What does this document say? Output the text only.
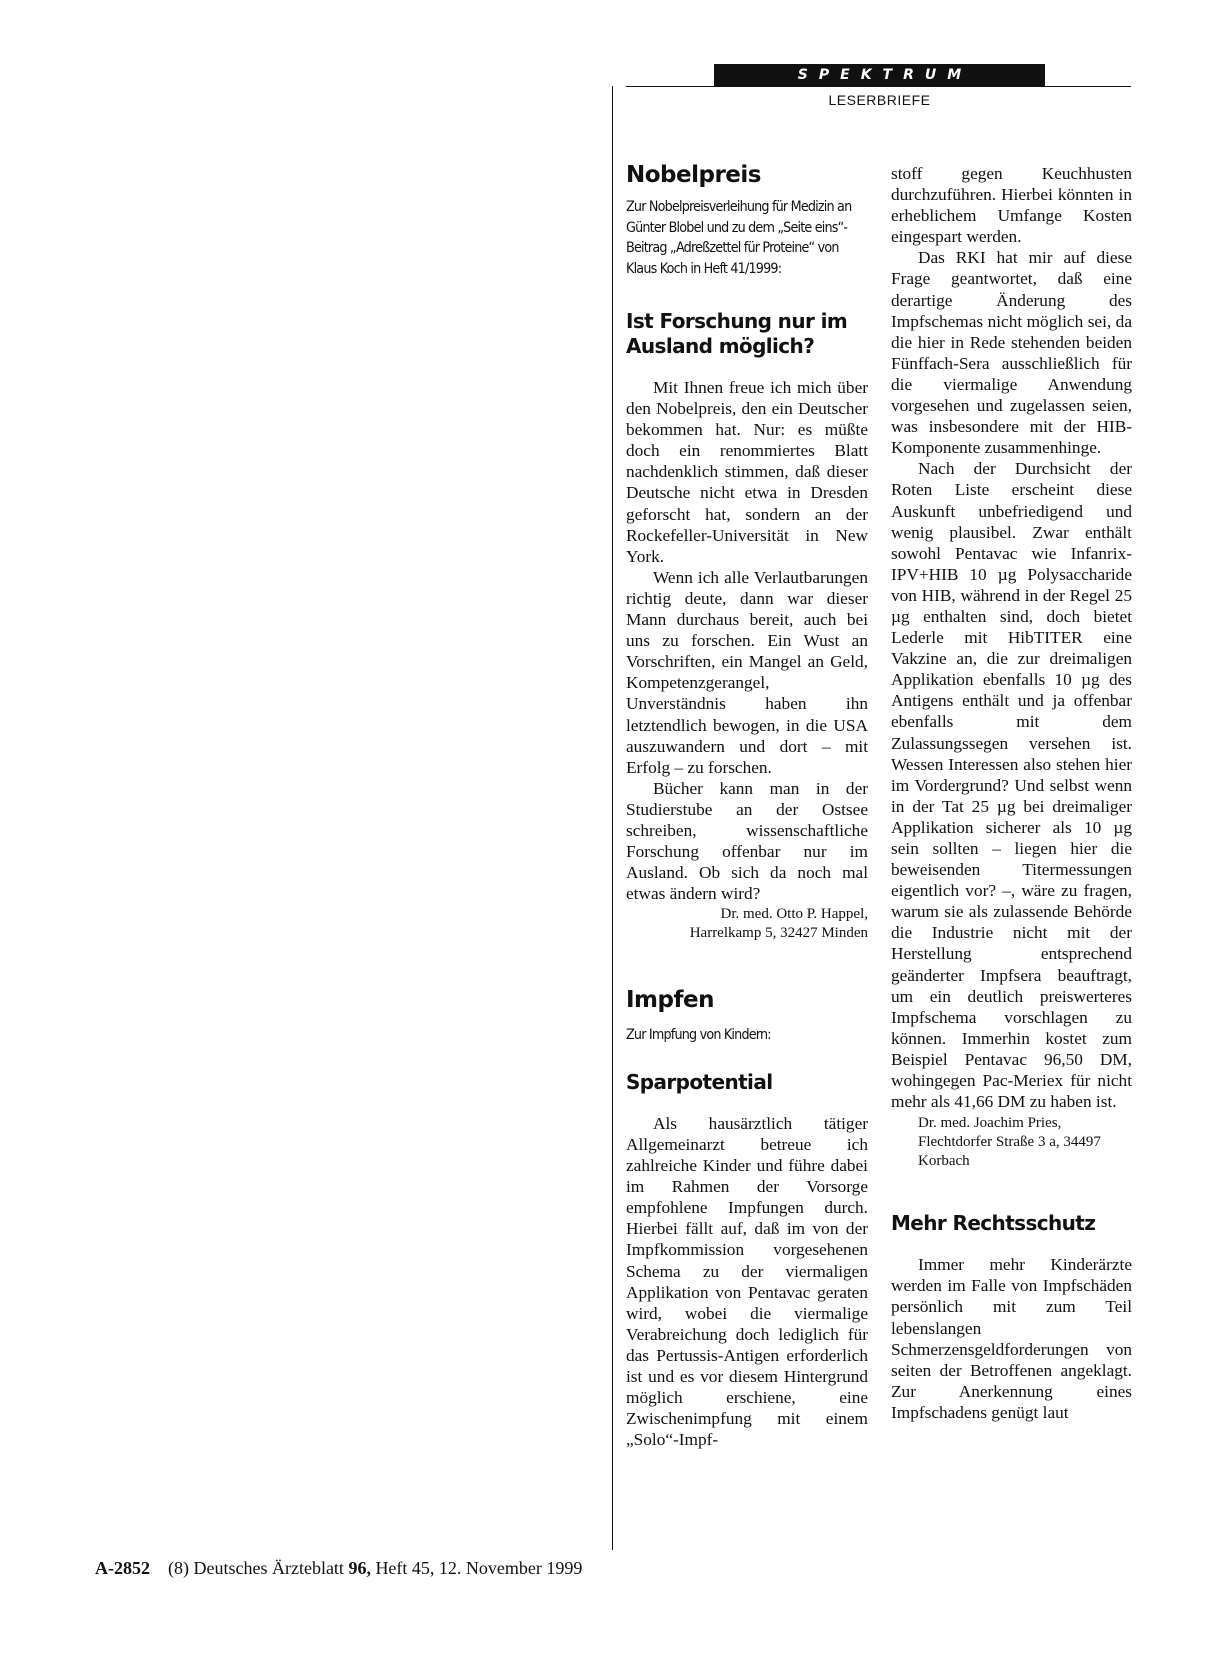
SPEKTRUM
LESERBRIEFE
Nobelpreis

Zur Nobelpreisverleihung für Medizin an Günter Blobel und zu dem „Seite eins“-Beitrag „Adreßzettel für Proteine“ von Klaus Koch in Heft 41/1999:

Ist Forschung nur im Ausland möglich?

Mit Ihnen freue ich mich über den Nobelpreis, den ein Deutscher bekommen hat. Nur: es müßte doch ein renommiertes Blatt nachdenklich stimmen, daß dieser Deutsche nicht etwa in Dresden geforscht hat, sondern an der Rockefeller-Universität in New York.

Wenn ich alle Verlautbarungen richtig deute, dann war dieser Mann durchaus bereit, auch bei uns zu forschen. Ein Wust an Vorschriften, ein Mangel an Geld, Kompetenzgerangel, Unverständnis haben ihn letztendlich bewogen, in die USA auszuwandern und dort – mit Erfolg – zu forschen.

Bücher kann man in der Studierstube an der Ostsee schreiben, wissenschaftliche Forschung offenbar nur im Ausland. Ob sich da noch mal etwas ändern wird?

Dr. med. Otto P. Happel,

Harrelkamp 5, 32427 Minden

Impfen

Zur Impfung von Kindern:

Sparpotential

Als hausärztlich tätiger Allgemeinarzt betreue ich zahlreiche Kinder und führe dabei im Rahmen der Vorsorge empfohlene Impfungen durch. Hierbei fällt auf, daß im von der Impfkommission vorgesehenen Schema zu der viermaligen Applikation von Pentavac geraten wird, wobei die viermalige Verabreichung doch lediglich für das Pertussis-Antigen erforderlich ist und es vor diesem Hintergrund möglich erschiene, eine Zwischenimpfung mit einem „Solo“-Impf-

stoff gegen Keuchhusten durchzuführen. Hierbei könnten in erheblichem Umfange Kosten eingespart werden.

Das RKI hat mir auf diese Frage geantwortet, daß eine derartige Änderung des Impfschemas nicht möglich sei, da die hier in Rede stehenden beiden Fünffach-Sera ausschließlich für die viermalige Anwendung vorgesehen und zugelassen seien, was insbesondere mit der HIB-Komponente zusammenhinge.

Nach der Durchsicht der Roten Liste erscheint diese Auskunft unbefriedigend und wenig plausibel. Zwar enthält sowohl Pentavac wie Infanrix-IPV+HIB 10 µg Polysaccharide von HIB, während in der Regel 25 µg enthalten sind, doch bietet Lederle mit HibTITER eine Vakzine an, die zur dreimaligen Applikation ebenfalls 10 µg des Antigens enthält und ja offenbar ebenfalls mit dem Zulassungssegen versehen ist. Wessen Interessen also stehen hier im Vordergrund? Und selbst wenn in der Tat 25 µg bei dreimaliger Applikation sicherer als 10 µg sein sollten – liegen hier die beweisenden Titermessungen eigentlich vor? –, wäre zu fragen, warum sie als zulassende Behörde die Industrie nicht mit der Herstellung entsprechend geänderter Impfsera beauftragt, um ein deutlich preiswerteres Impfschema vorschlagen zu können. Immerhin kostet zum Beispiel Pentavac 96,50 DM, wohingegen Pac-Meriex für nicht mehr als 41,66 DM zu haben ist.

Dr. med. Joachim Pries,

Flechtdorfer Straße 3 a, 34497

Korbach

Mehr Rechtsschutz

Immer mehr Kinderärzte werden im Falle von Impfschäden persönlich mit zum Teil lebenslangen Schmerzensgeldforderungen von seiten der Betroffenen angeklagt. Zur Anerkennung eines Impfschadens genügt laut

A-2852 (8) Deutsches Ärzteblatt 96, Heft 45, 12. November 1999
